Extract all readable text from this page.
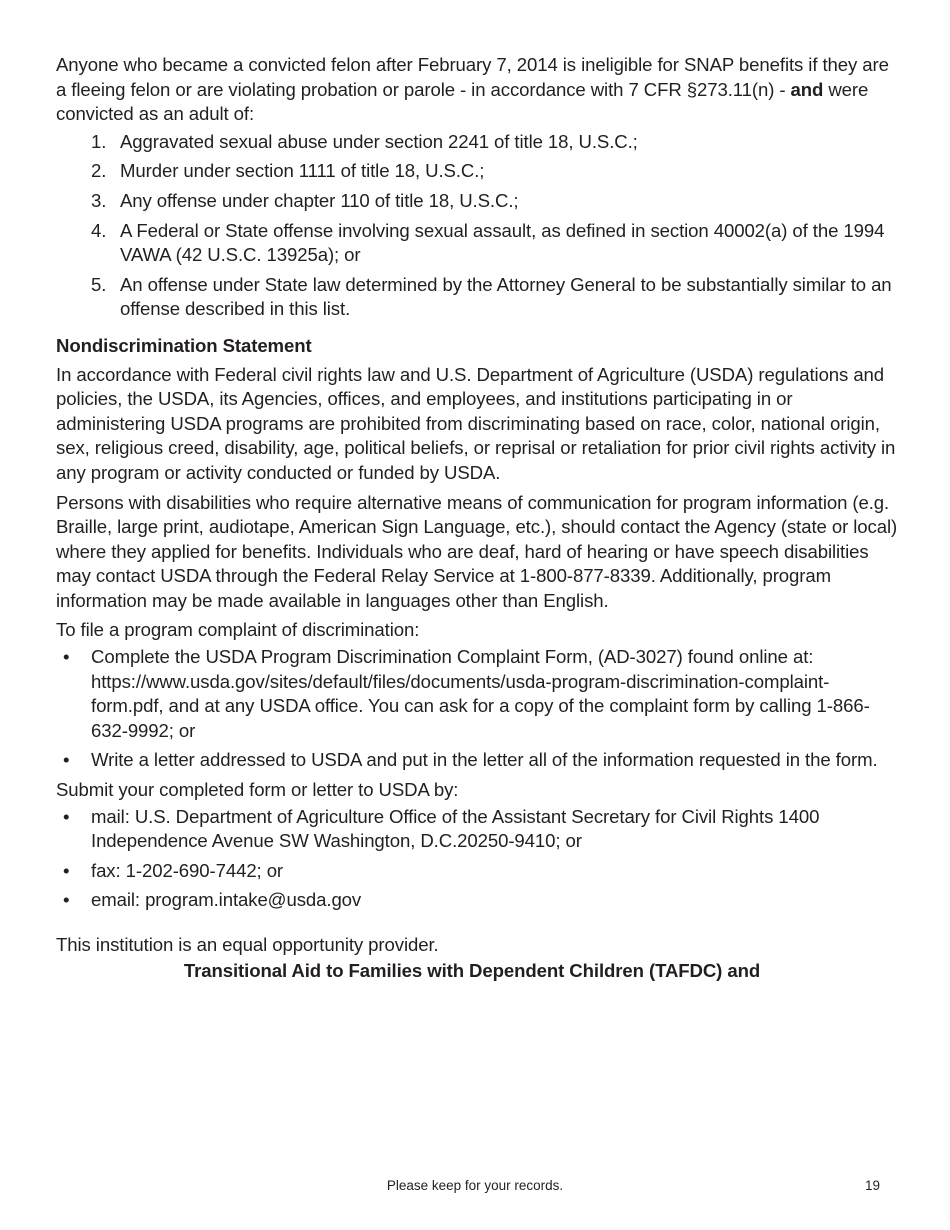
Anyone who became a convicted felon after February 7, 2014 is ineligible for SNAP benefits if they are a fleeing felon or are violating probation or parole - in accordance with 7 CFR §273.11(n) - and were convicted as an adult of:

1. Aggravated sexual abuse under section 2241 of title 18, U.S.C.;
2. Murder under section 1111 of title 18, U.S.C.;
3. Any offense under chapter 110 of title 18, U.S.C.;
4. A Federal or State offense involving sexual assault, as defined in section 40002(a) of the 1994 VAWA (42 U.S.C. 13925a); or
5. An offense under State law determined by the Attorney General to be substantially similar to an offense described in this list.

Nondiscrimination Statement

In accordance with Federal civil rights law and U.S. Department of Agriculture (USDA) regulations and policies, the USDA, its Agencies, offices, and employees, and institutions participating in or administering USDA programs are prohibited from discriminating based on race, color, national origin, sex, religious creed, disability, age, political beliefs, or reprisal or retaliation for prior civil rights activity in any program or activity conducted or funded by USDA.

Persons with disabilities who require alternative means of communication for program information (e.g. Braille, large print, audiotape, American Sign Language, etc.), should contact the Agency (state or local) where they applied for benefits. Individuals who are deaf, hard of hearing or have speech disabilities may contact USDA through the Federal Relay Service at 1-800-877-8339. Additionally, program information may be made available in languages other than English.

To file a program complaint of discrimination:

• Complete the USDA Program Discrimination Complaint Form, (AD-3027) found online at: https://www.usda.gov/sites/default/files/documents/usda-program-discrimination-complaint-form.pdf, and at any USDA office. You can ask for a copy of the complaint form by calling 1-866-632-9992; or
• Write a letter addressed to USDA and put in the letter all of the information requested in the form.

Submit your completed form or letter to USDA by:

• mail: U.S. Department of Agriculture Office of the Assistant Secretary for Civil Rights 1400 Independence Avenue SW Washington, D.C.20250-9410; or
• fax: 1-202-690-7442; or
• email: program.intake@usda.gov

This institution is an equal opportunity provider.

Transitional Aid to Families with Dependent Children (TAFDC) and

Please keep for your records.	19
